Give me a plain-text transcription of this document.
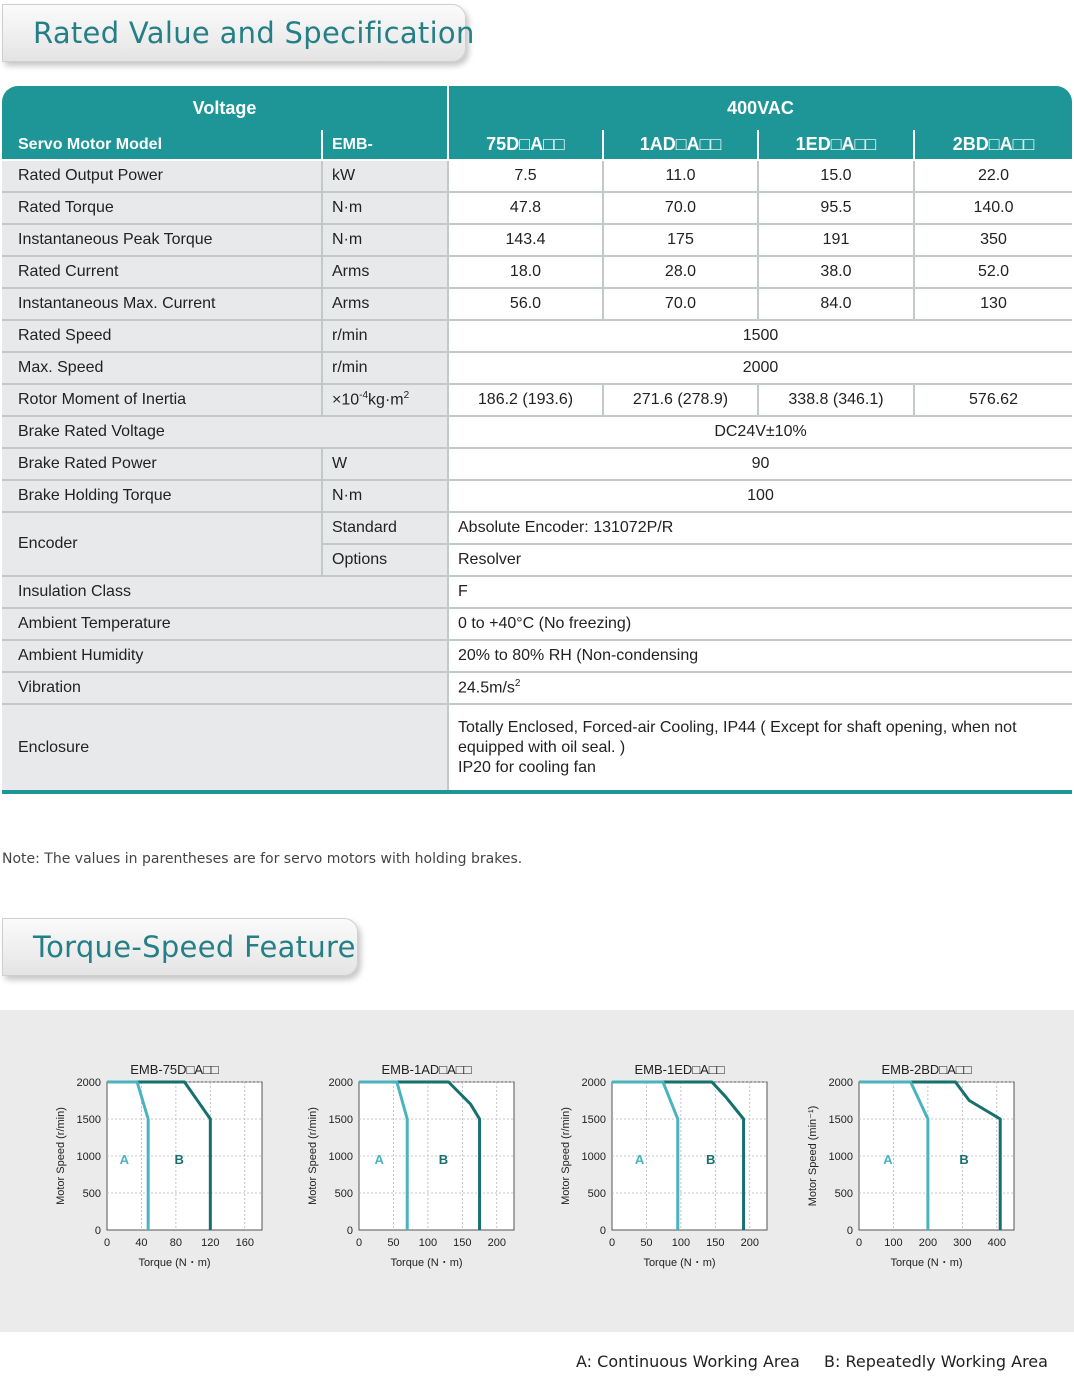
Rated Value and Specification
Voltage		400VAC			
Servo Motor Model	EMB-	75D□A□□	1AD□A□□	1ED□A□□	2BD□A□□
Rated Output Power	kW	7.5	11.0	15.0	22.0
Rated Torque	N·m	47.8	70.0	95.5	140.0
Instantaneous Peak Torque	N·m	143.4	175	191	350
Rated Current	Arms	18.0	28.0	38.0	52.0
Instantaneous Max. Current	Arms	56.0	70.0	84.0	130
Rated Speed	r/min	1500			
Max. Speed	r/min	2000			
Rotor Moment of Inertia	$\times 10^{-4}kg\cdot m^2$	186.2 (193.6)	271.6 (278.9)	338.8 (346.1)	576.62
Brake Rated Voltage		DC24V±10%			
Brake Rated Power	W	90			
Brake Holding Torque	N·m	100			
Encoder	Standard	Absolute Encoder: 131072P/R			
	Options	Resolver			
Insulation Class		F			
Ambient Temperature		0 to +40°C (No freezing)			
Ambient Humidity		20% to 80% RH (Non-condensing			
Vibration		$24.5m/s^2$
Enclosure		Totally Enclosed, Forced-air Cooling, IP44 ( Except for shaft opening, when not
equipped with oil seal. )
IP20 for cooling fan			
Note: The values in parentheses are for servo motors with holding brakes.
Torque-Speed Feature
0 40 80 120 160
0
500
1000
1500
2000
EMB-75D□A□□
Torque (N・m)
Motor Speed (r/min)	A	B
0 50 100 150 200
0
500
1000
1500
2000
EMB-1AD□A□□
Torque (N・m)
Motor Speed (r/min)	A	B
0 50 100 150 200
0
500
1000
1500
2000
EMB-1ED□A□□
Torque (N・m)
Motor Speed (r/min)	A	B
0 100 200 300 400
0
500
1000
1500
2000
EMB-2BD□A□□
Torque (N・m)
Motor Speed (min⁻¹)	A	B
A: Continuous Working Area B: Repeatedly Working Area
